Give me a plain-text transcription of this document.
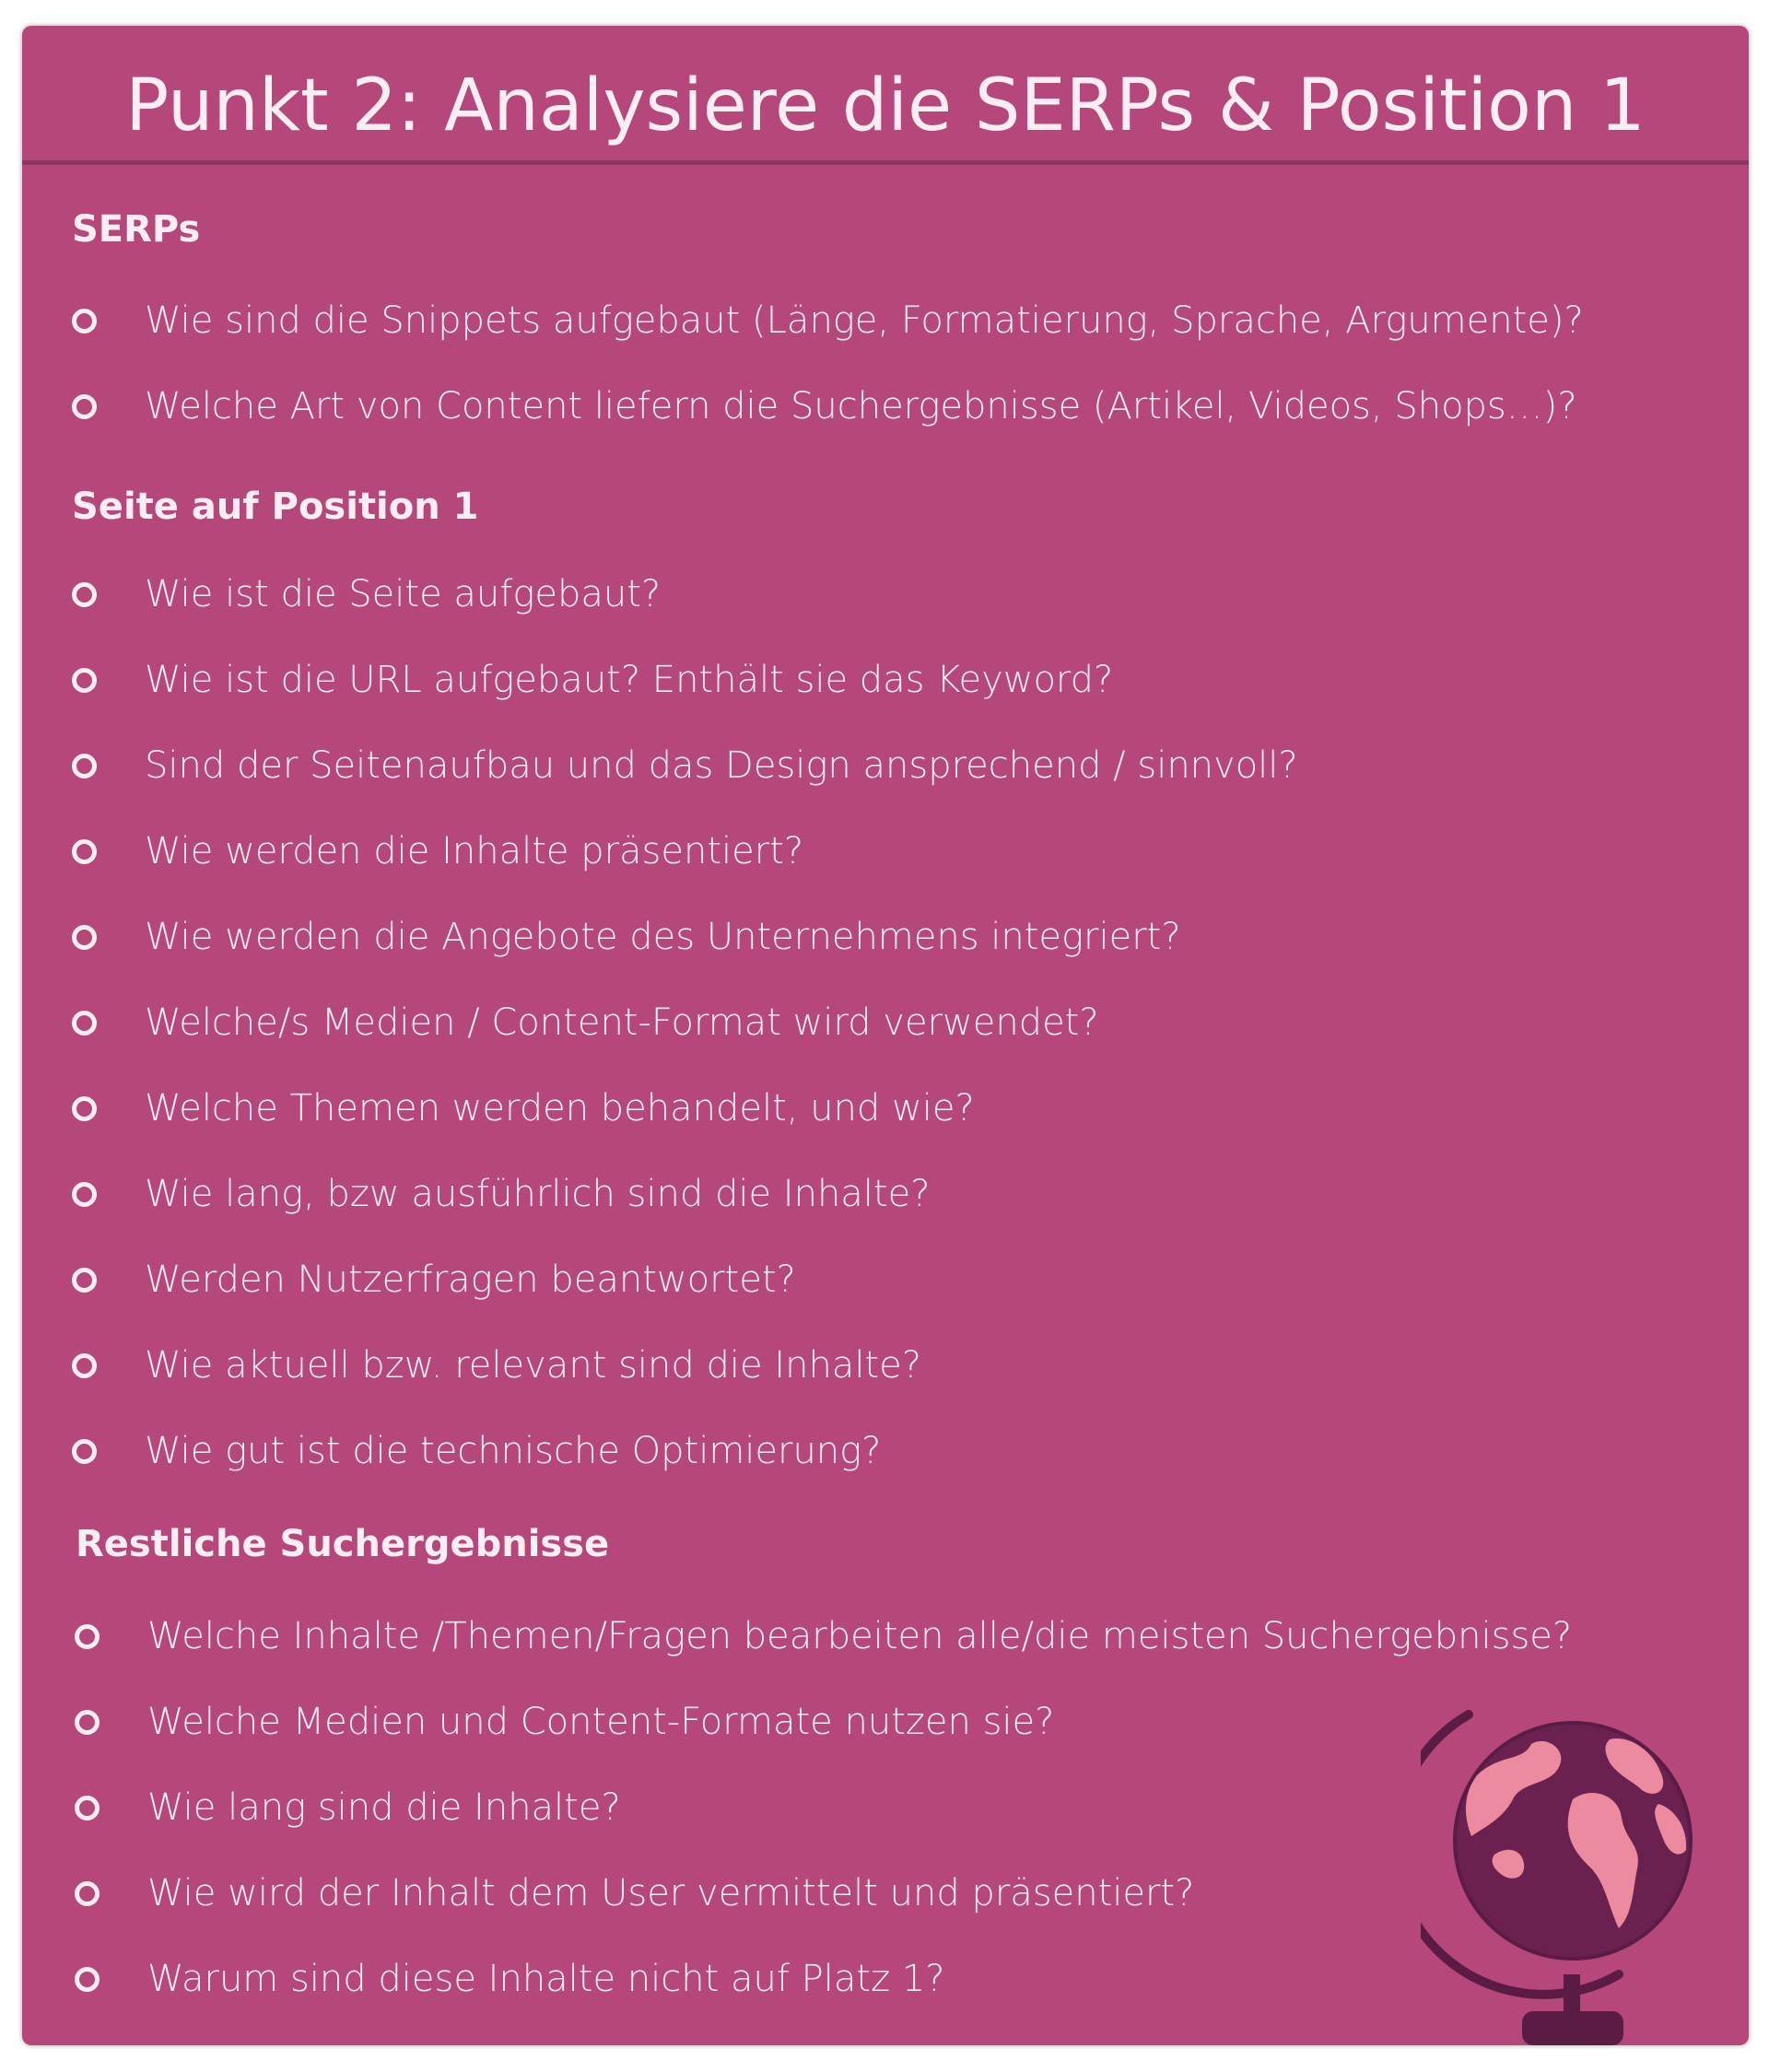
Punkt 2: Analysiere die SERPs & Position 1
SERPs
Wie sind die Snippets aufgebaut (Länge, Formatierung, Sprache, Argumente)?
Welche Art von Content liefern die Suchergebnisse (Artikel, Videos, Shops…)?
Seite auf Position 1
Wie ist die Seite aufgebaut?
Wie ist die URL aufgebaut? Enthält sie das Keyword?
Sind der Seitenaufbau und das Design ansprechend / sinnvoll?
Wie werden die Inhalte präsentiert?
Wie werden die Angebote des Unternehmens integriert?
Welche/s Medien / Content-Format wird verwendet?
Welche Themen werden behandelt, und wie?
Wie lang, bzw ausführlich sind die Inhalte?
Werden Nutzerfragen beantwortet?
Wie aktuell bzw. relevant sind die Inhalte?
Wie gut ist die technische Optimierung?
Restliche Suchergebnisse
Welche Inhalte /Themen/Fragen bearbeiten alle/die meisten Suchergebnisse?
Welche Medien und Content-Formate nutzen sie?
Wie lang sind die Inhalte?
Wie wird der Inhalt dem User vermittelt und präsentiert?
Warum sind diese Inhalte nicht auf Platz 1?
